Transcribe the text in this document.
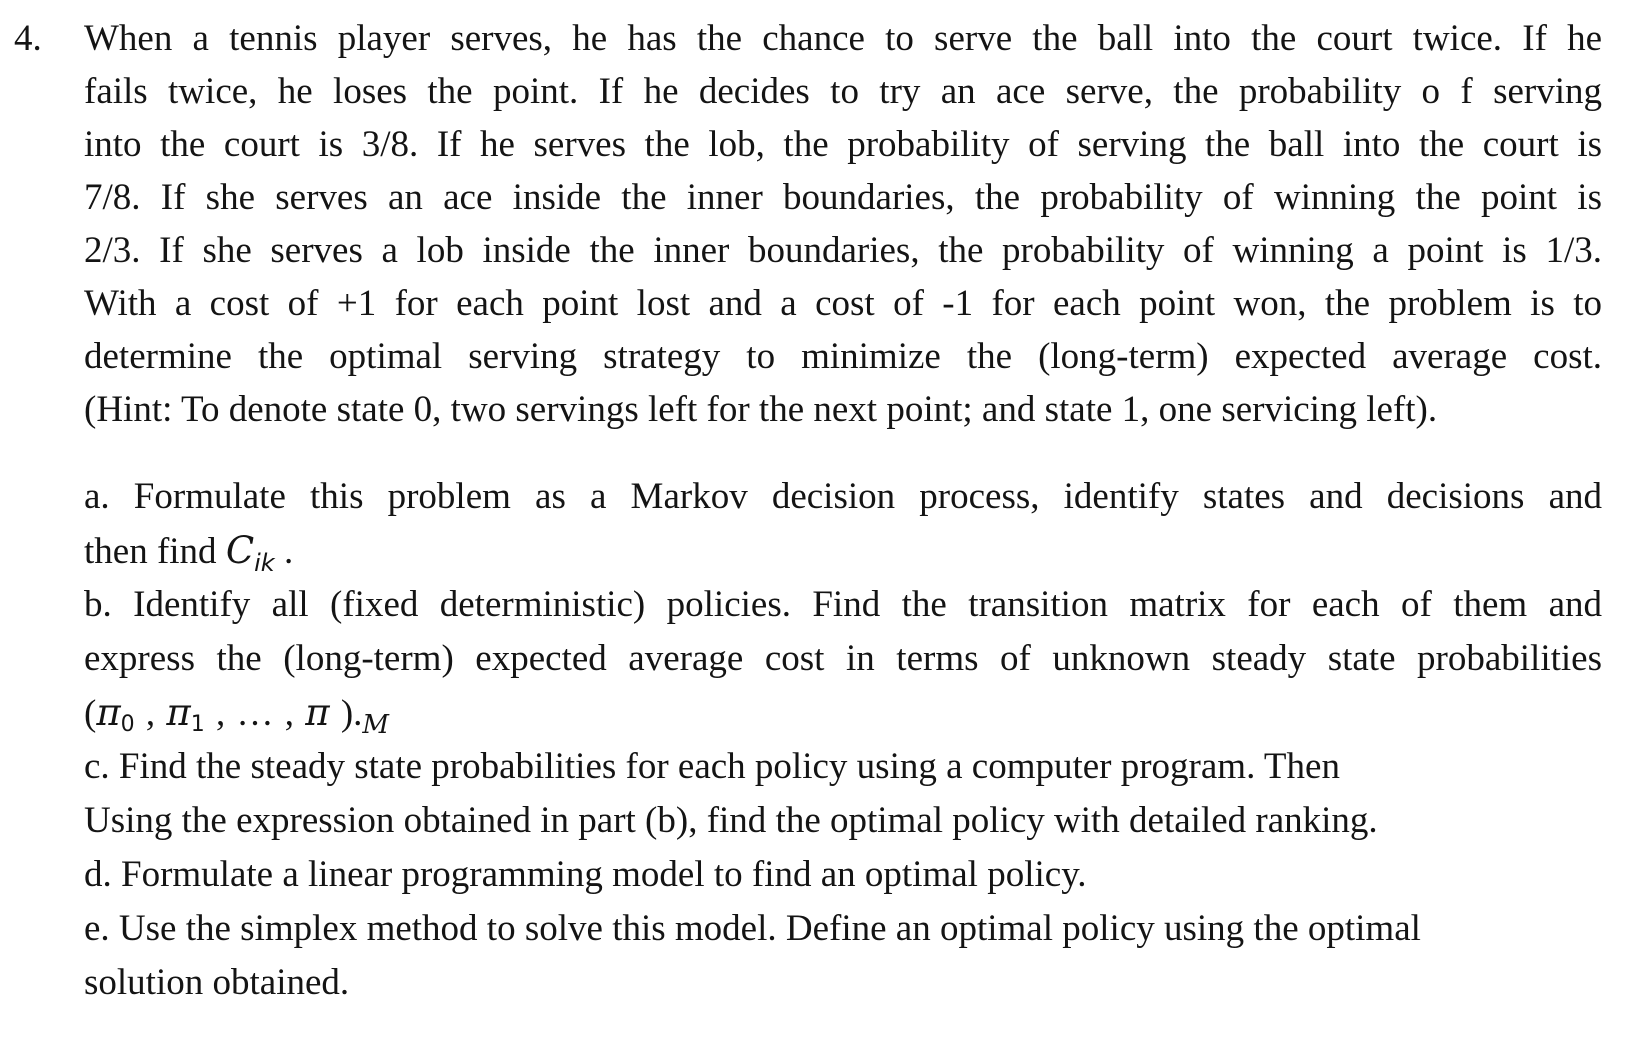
4. When a tennis player serves, he has the chance to serve the ball into the court twice. If he
fails twice, he loses the point. If he decides to try an ace serve, the probability o f serving
into the court is 3/8. If he serves the lob, the probability of serving the ball into the court is
7/8. If she serves an ace inside the inner boundaries, the probability of winning the point is
2/3. If she serves a lob inside the inner boundaries, the probability of winning a point is 1/3.
With a cost of +1 for each point lost and a cost of -1 for each point won, the problem is to
determine the optimal serving strategy to minimize the (long-term) expected average cost.
(Hint: To denote state 0, two servings left for the next point; and state 1, one servicing left).
a. Formulate this problem as a Markov decision process, identify states and decisions and
then find $C_{ik}$ .
b. Identify all (fixed deterministic) policies. Find the transition matrix for each of them and
express the (long-term) expected average cost in terms of unknown steady state probabilities
(π0 , π1 , … , π )$._M$
c. Find the steady state probabilities for each policy using a computer program. Then
Using the expression obtained in part (b), find the optimal policy with detailed ranking.
d. Formulate a linear programming model to find an optimal policy.
e. Use the simplex method to solve this model. Define an optimal policy using the optimal
solution obtained.
